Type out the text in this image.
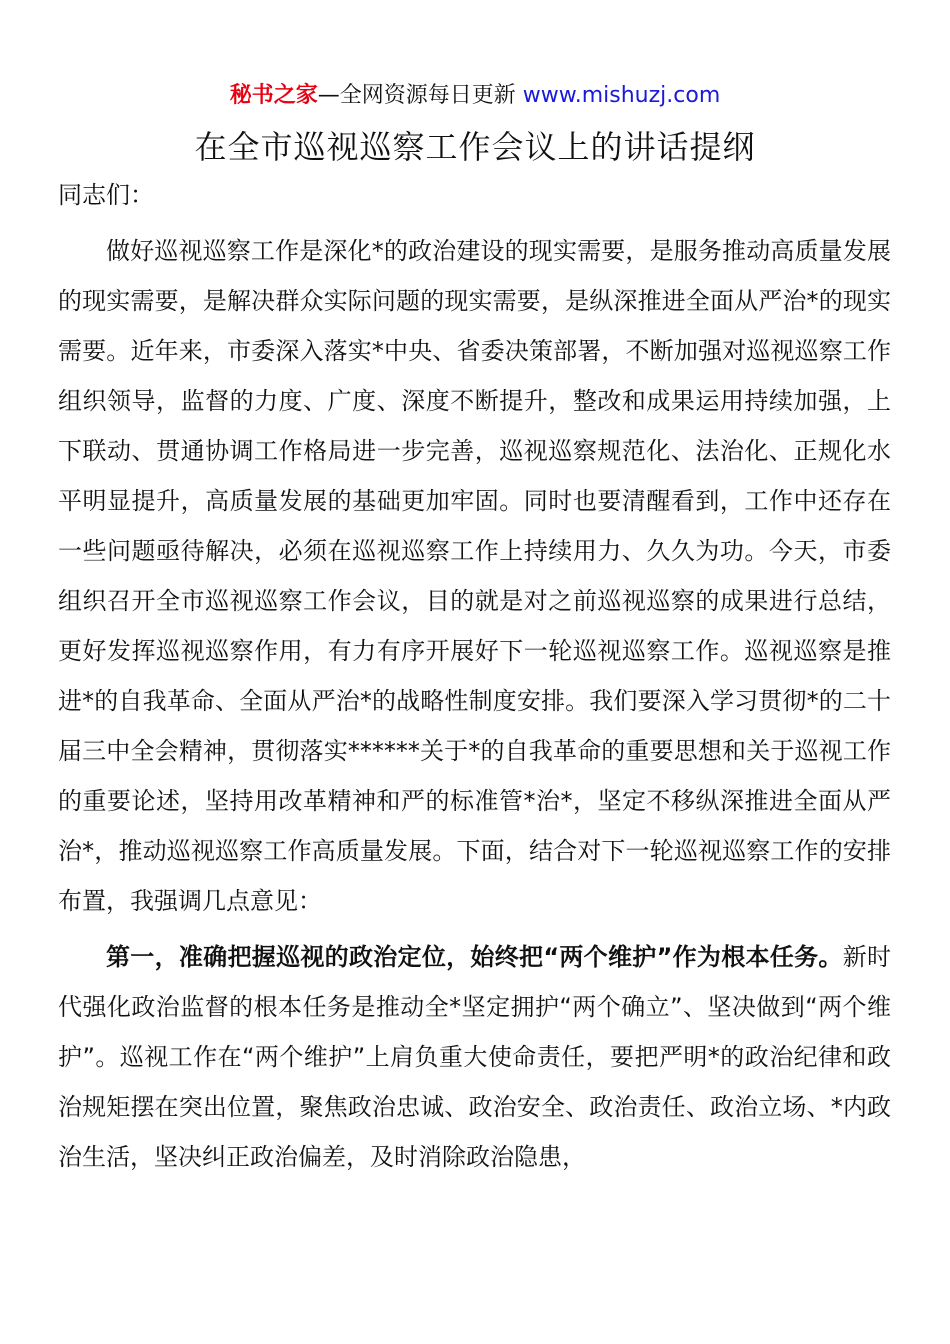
秘书之家—全网资源每日更新 www.mishuzj.com
在全市巡视巡察工作会议上的讲话提纲

同志们：

做好巡视巡察工作是深化*的政治建设的现实需要，是服务推动高质量发展的现实需要，是解决群众实际问题的现实需要，是纵深推进全面从严治*的现实需要。近年来，市委深入落实*中央、省委决策部署，不断加强对巡视巡察工作组织领导，监督的力度、广度、深度不断提升，整改和成果运用持续加强，上下联动、贯通协调工作格局进一步完善，巡视巡察规范化、法治化、正规化水平明显提升，高质量发展的基础更加牢固。同时也要清醒看到，工作中还存在一些问题亟待解决，必须在巡视巡察工作上持续用力、久久为功。今天，市委组织召开全市巡视巡察工作会议，目的就是对之前巡视巡察的成果进行总结，更好发挥巡视巡察作用，有力有序开展好下一轮巡视巡察工作。巡视巡察是推进*的自我革命、全面从严治*的战略性制度安排。我们要深入学习贯彻*的二十届三中全会精神，贯彻落实******关于*的自我革命的重要思想和关于巡视工作的重要论述，坚持用改革精神和严的标准管*治*，坚定不移纵深推进全面从严治*，推动巡视巡察工作高质量发展。下面，结合对下一轮巡视巡察工作的安排布置，我强调几点意见：

第一，准确把握巡视的政治定位，始终把“两个维护”作为根本任务。新时代强化政治监督的根本任务是推动全*坚定拥护“两个确立”、坚决做到“两个维护”。巡视工作在“两个维护”上肩负重大使命责任，要把严明*的政治纪律和政治规矩摆在突出位置，聚焦政治忠诚、政治安全、政治责任、政治立场、*内政治生活，坚决纠正政治偏差，及时消除政治隐患，
